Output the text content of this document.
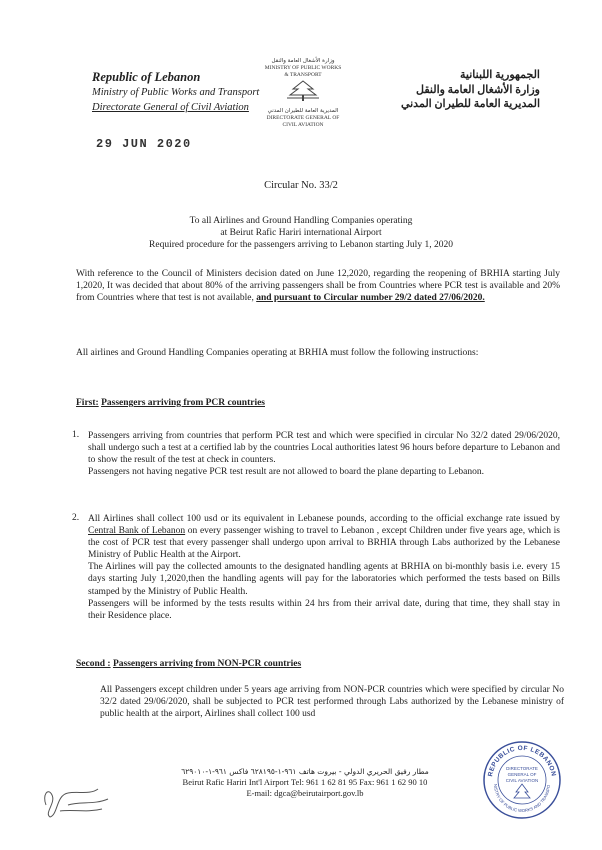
Republic of Lebanon
Ministry of Public Works and Transport
Directorate General of Civil Aviation
وزارة الأشغال العامة والنقل
MINISTRY OF PUBLIC WORKS & TRANSPORT
المديرية العامة للطيران المدني
DIRECTORATE GENERAL OF CIVIL AVIATION
الجمهورية اللبنانية
وزارة الأشغال العامة والنقل
المديرية العامة للطيران المدني
29 JUN 2020
Circular No. 33/2
To all Airlines and Ground Handling Companies operating
at Beirut Rafic Hariri international Airport
Required procedure for the passengers arriving to Lebanon starting July 1, 2020
With reference to the Council of Ministers decision dated on June 12,2020, regarding the reopening of BRHIA starting July 1,2020, It was decided that about 80% of the arriving passengers shall be from Countries where PCR test is available and 20% from Countries where that test is not available, and pursuant to Circular number 29/2 dated 27/06/2020.
All airlines and Ground Handling Companies operating at BRHIA must follow the following instructions:
First: Passengers arriving from PCR countries
1. Passengers arriving from countries that perform PCR test and which were specified in circular No 32/2 dated 29/06/2020, shall undergo such a test at a certified lab by the countries Local authorities latest 96 hours before departure to Lebanon and to show the result of the test at check in counters.
Passengers not having negative PCR test result are not allowed to board the plane departing to Lebanon.
2. All Airlines shall collect 100 usd or its equivalent in Lebanese pounds, according to the official exchange rate issued by Central Bank of Lebanon on every passenger wishing to travel to Lebanon , except Children under five years age, which is the cost of PCR test that every passenger shall undergo upon arrival to BRHIA through Labs authorized by the Lebanese Ministry of Public Health at the Airport.
The Airlines will pay the collected amounts to the designated handling agents at BRHIA on bi-monthly basis i.e. every 15 days starting July 1,2020,then the handling agents will pay for the laboratories which performed the tests based on Bills stamped by the Ministry of Public Health.
Passengers will be informed by the tests results within 24 hrs from their arrival date, during that time, they shall stay in their Residence place.
Second : Passengers arriving from NON-PCR countries
All Passengers except children under 5 years age arriving from NON-PCR countries which were specified by circular No 32/2 dated 29/06/2020, shall be subjected to PCR test performed through Labs authorized by the Lebanese ministry of public health at the airport, Airlines shall collect 100 usd
مطار رفيق الحريري الدولي - بيروت هاتف ٩٦١-١-٦٢٨١٩٥ فاكس ٩٦١-١-٦٢٩٠١٠
Beirut Rafic Hariri Int'l Airport Tel: 961 1 62 81 95 Fax: 961 1 62 90 10
E-mail: dgca@beirutairport.gov.lb
REPUBLIC OF LEBANON
NISTRY OF PUBLIC WORKS AND TRANSPO
DIRECTORATE
GENERAL OF
CIVIL AVIATION
